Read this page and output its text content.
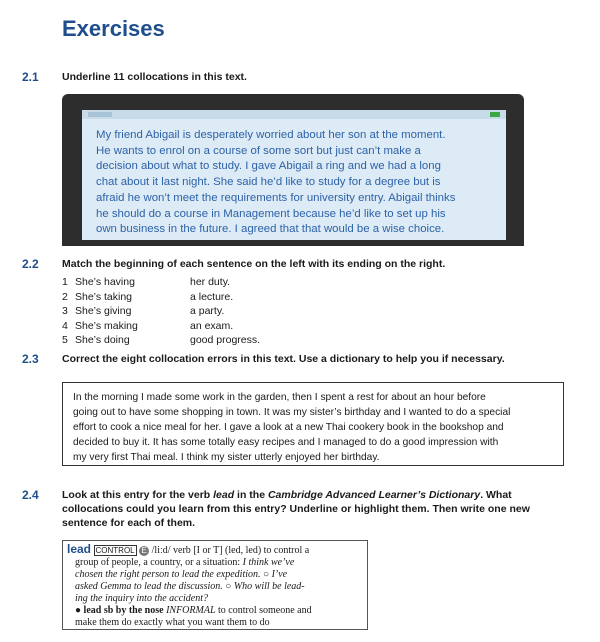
Exercises
2.1 Underline 11 collocations in this text.
My friend Abigail is desperately worried about her son at the moment.
He wants to enrol on a course of some sort but just can’t make a
decision about what to study. I gave Abigail a ring and we had a long
chat about it last night. She said he’d like to study for a degree but is
afraid he won’t meet the requirements for university entry. Abigail thinks
he should do a course in Management because he’d like to set up his
own business in the future. I agreed that that would be a wise choice.
2.2 Match the beginning of each sentence on the left with its ending on the right.
1 She’s having	her duty.
2 She’s taking	a lecture.
3 She’s giving	a party.
4 She’s making	an exam.
5 She’s doing	good progress.
2.3 Correct the eight collocation errors in this text. Use a dictionary to help you if necessary.
In the morning I made some work in the garden, then I spent a rest for about an hour before
going out to have some shopping in town. It was my sister’s birthday and I wanted to do a special
effort to cook a nice meal for her. I gave a look at a new Thai cookery book in the bookshop and
decided to buy it. It has some totally easy recipes and I managed to do a good impression with
my very first Thai meal. I think my sister utterly enjoyed her birthday.
2.4 Look at this entry for the verb lead in the Cambridge Advanced Learner’s Dictionary. What
collocations could you learn from this entry? Underline or highlight them. Then write one new
sentence for each of them.
lead CONTROL E /liːd/ verb [I or T] (led, led) to control a
group of people, a country, or a situation: I think we’ve
chosen the right person to lead the expedition. ○ I’ve
asked Gemma to lead the discussion. ○ Who will be lead-
ing the inquiry into the accident?
● lead sb by the nose INFORMAL to control someone and
make them do exactly what you want them to do
